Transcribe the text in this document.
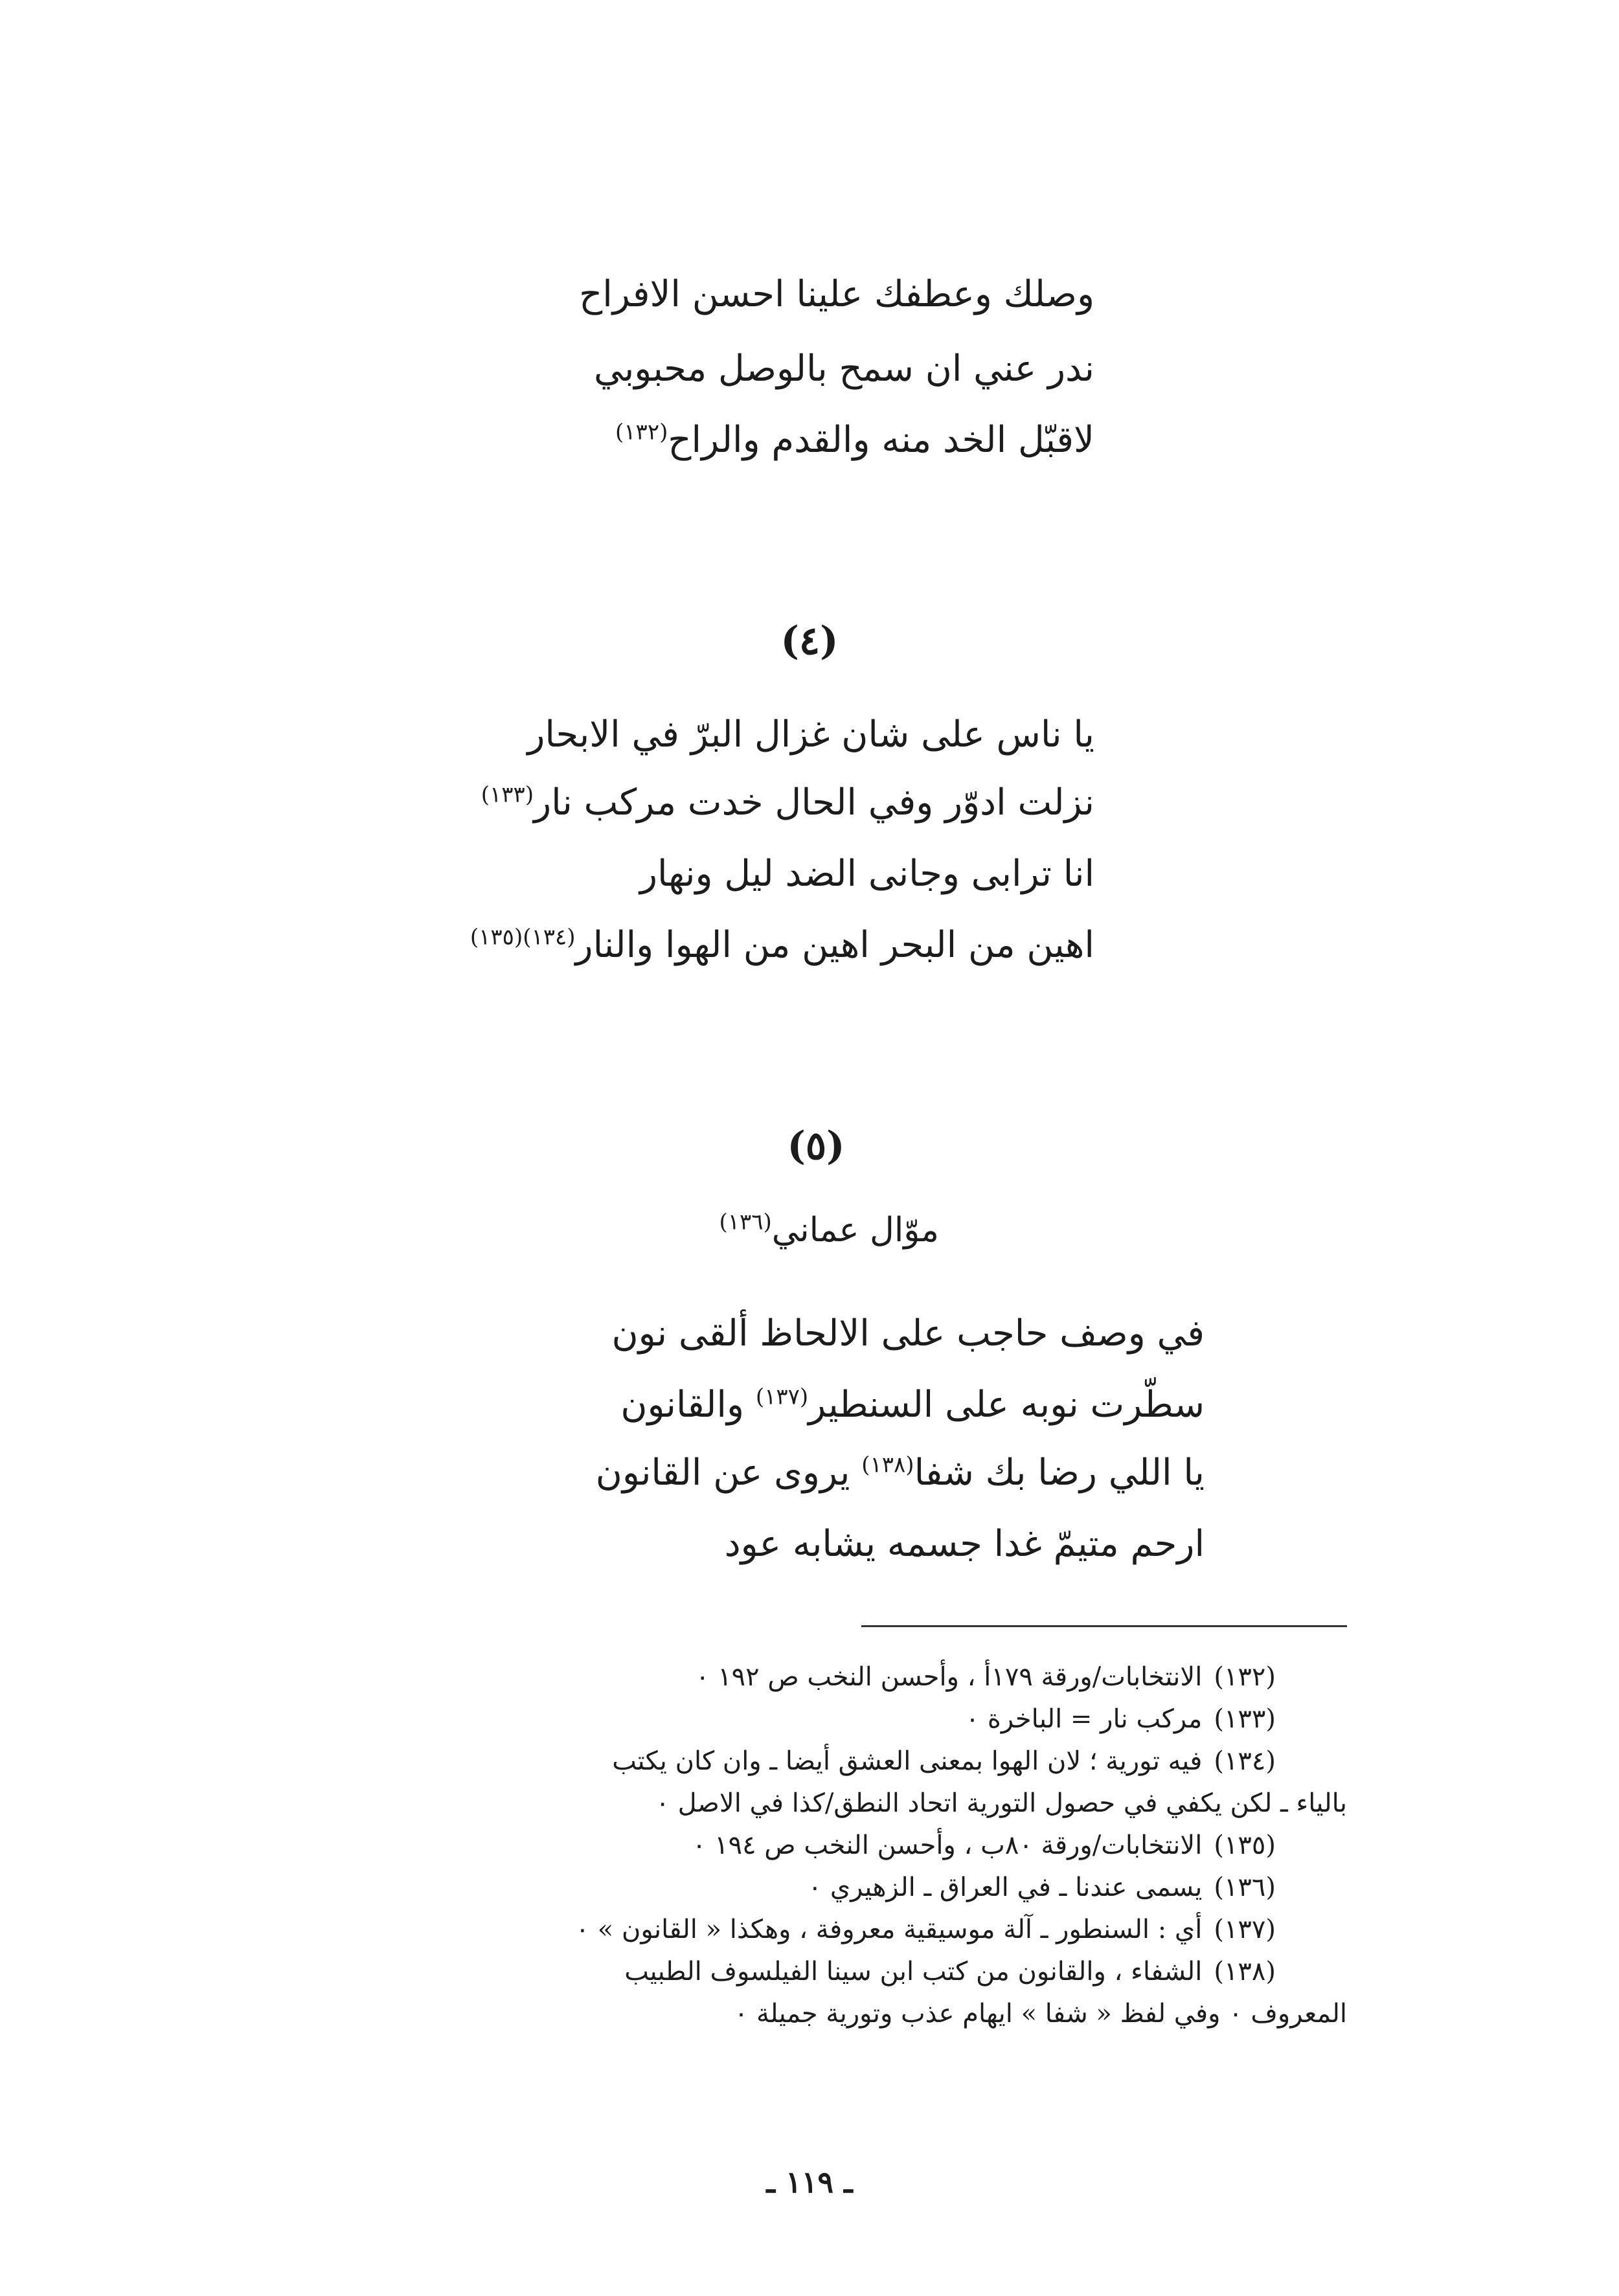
وصلك وعطفك علينا احسن الافراح
ندر عني ان سمح بالوصل محبوبي
لاقبّل الخد منه والقدم والراح$^{(١٣٢)}$
(٤)
يا ناس على شان غزال البرّ في الابحار
نزلت ادوّر وفي الحال خدت مركب نار$^{(١٣٣)}$
انا ترابى وجانى الضد ليل ونهار
اهين من البحر اهين من الهوا والنار$^{(١٣٤)(١٣٥)}$
(٥)
موّال عماني$^{(١٣٦)}$
في وصف حاجب على الالحاظ ألقى نون
سطّرت نوبه على السنطير$^{(١٣٧)}$ والقانون
يا اللي رضا بك شفا$^{(١٣٨)}$ يروى عن القانون
ارحم متيمّ غدا جسمه يشابه عود
(١٣٢)الانتخابات/ورقة ١٧٩أ ، وأحسن النخب ص ١٩٢ ٠
(١٣٣)مركب نار = الباخرة ٠
(١٣٤)فيه تورية ؛ لان الهوا بمعنى العشق أيضا ـ وان كان يكتب
بالياء ـ لكن يكفي في حصول التورية اتحاد النطق/كذا في الاصل ٠
(١٣٥)الانتخابات/ورقة ٨٠ب ، وأحسن النخب ص ١٩٤ ٠
(١٣٦)يسمى عندنا ـ في العراق ـ الزهيري ٠
(١٣٧)أي : السنطور ـ آلة موسيقية معروفة ، وهكذا « القانون » ٠
(١٣٨)الشفاء ، والقانون من كتب ابن سينا الفيلسوف الطبيب
المعروف ٠ وفي لفظ « شفا » ايهام عذب وتورية جميلة ٠
ـ ١١٩ ـ
